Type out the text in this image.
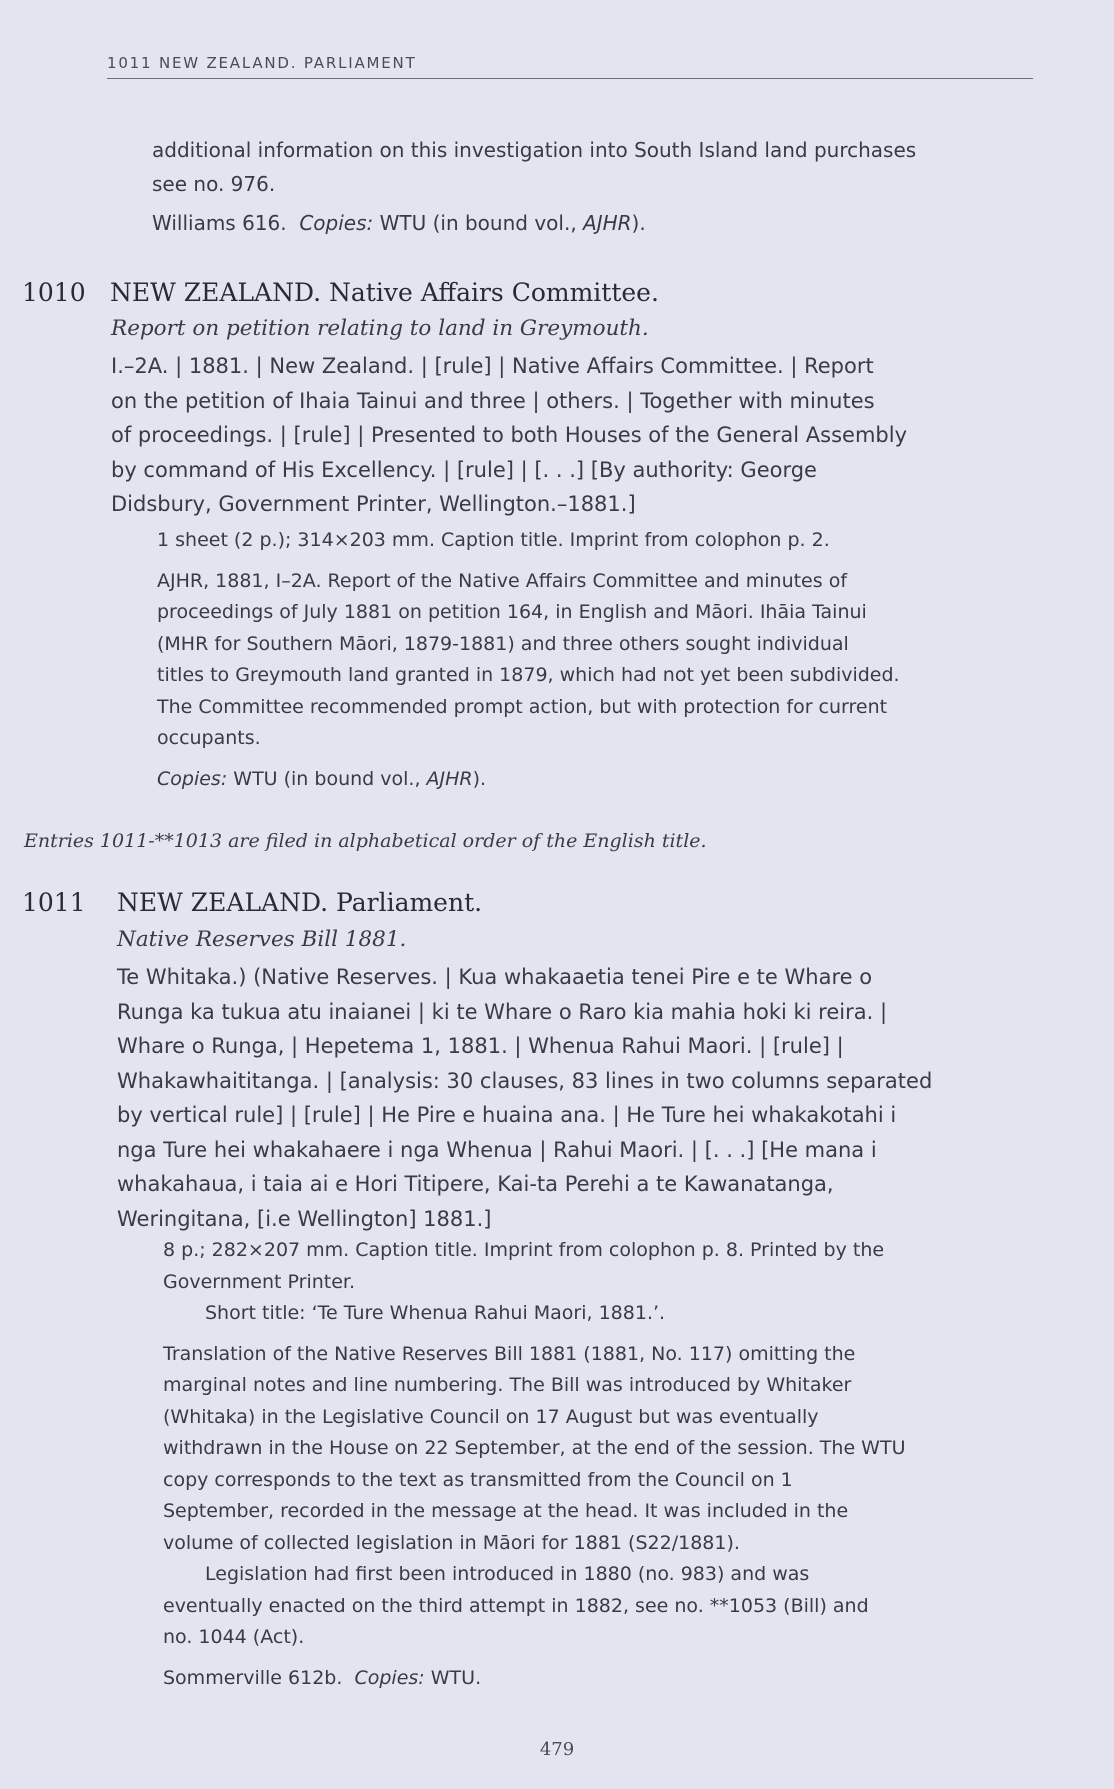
1011 NEW ZEALAND. PARLIAMENT
additional information on this investigation into South Island land purchases
see no. 976.
Williams 616. Copies: WTU (in bound vol., AJHR).
1010 NEW ZEALAND. Native Affairs Committee.
Report on petition relating to land in Greymouth.
I.–2A. | 1881. | New Zealand. | [rule] | Native Affairs Committee. | Report
on the petition of Ihaia Tainui and three | others. | Together with minutes
of proceedings. | [rule] | Presented to both Houses of the General Assembly
by command of His Excellency. | [rule] | [. . .] [By authority: George
Didsbury, Government Printer, Wellington.–1881.]
1 sheet (2 p.); 314×203 mm. Caption title. Imprint from colophon p. 2.
AJHR, 1881, I–2A. Report of the Native Affairs Committee and minutes of
proceedings of July 1881 on petition 164, in English and Māori. Ihāia Tainui
(MHR for Southern Māori, 1879-1881) and three others sought individual
titles to Greymouth land granted in 1879, which had not yet been subdivided.
The Committee recommended prompt action, but with protection for current
occupants.
Copies: WTU (in bound vol., AJHR).
Entries 1011-**1013 are filed in alphabetical order of the English title.
1011 NEW ZEALAND. Parliament.
Native Reserves Bill 1881.
Te Whitaka.) (Native Reserves. | Kua whakaaetia tenei Pire e te Whare o
Runga ka tukua atu inaianei | ki te Whare o Raro kia mahia hoki ki reira. |
Whare o Runga, | Hepetema 1, 1881. | Whenua Rahui Maori. | [rule] |
Whakawhaititanga. | [analysis: 30 clauses, 83 lines in two columns separated
by vertical rule] | [rule] | He Pire e huaina ana. | He Ture hei whakakotahi i
nga Ture hei whakahaere i nga Whenua | Rahui Maori. | [. . .] [He mana i
whakahaua, i taia ai e Hori Titipere, Kai-ta Perehi a te Kawanatanga,
Weringitana, [i.e Wellington] 1881.]
8 p.; 282×207 mm. Caption title. Imprint from colophon p. 8. Printed by the
Government Printer.
Short title: ‘Te Ture Whenua Rahui Maori, 1881.’.
Translation of the Native Reserves Bill 1881 (1881, No. 117) omitting the
marginal notes and line numbering. The Bill was introduced by Whitaker
(Whitaka) in the Legislative Council on 17 August but was eventually
withdrawn in the House on 22 September, at the end of the session. The WTU
copy corresponds to the text as transmitted from the Council on 1
September, recorded in the message at the head. It was included in the
volume of collected legislation in Māori for 1881 (S22/1881).
Legislation had first been introduced in 1880 (no. 983) and was
eventually enacted on the third attempt in 1882, see no. **1053 (Bill) and
no. 1044 (Act).
Sommerville 612b. Copies: WTU.
479
